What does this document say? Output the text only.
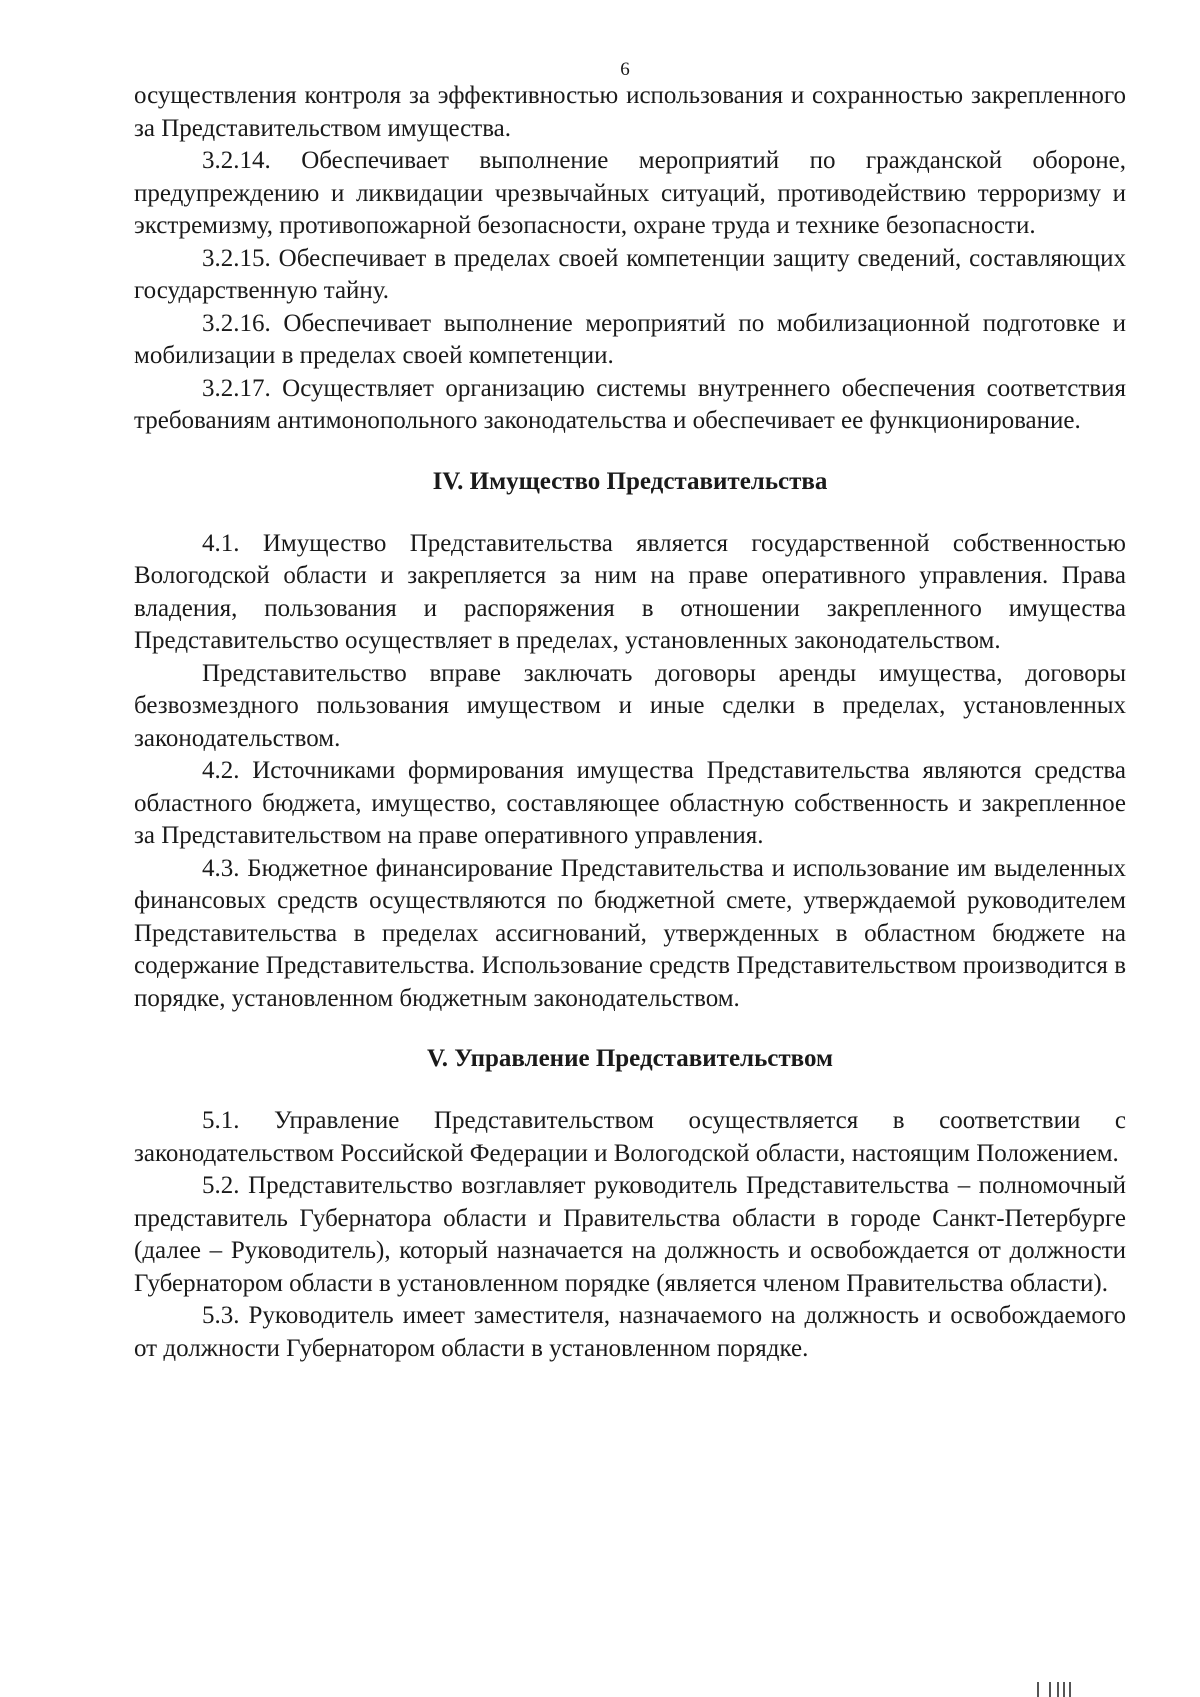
6

осуществления контроля за эффективностью использования и сохранностью закрепленного за Представительством имущества.

3.2.14. Обеспечивает выполнение мероприятий по гражданской обороне, предупреждению и ликвидации чрезвычайных ситуаций, противодействию терроризму и экстремизму, противопожарной безопасности, охране труда и технике безопасности.

3.2.15. Обеспечивает в пределах своей компетенции защиту сведений, составляющих государственную тайну.

3.2.16. Обеспечивает выполнение мероприятий по мобилизационной подготовке и мобилизации в пределах своей компетенции.

3.2.17. Осуществляет организацию системы внутреннего обеспечения соответствия требованиям антимонопольного законодательства и обеспечивает ее функционирование.

IV. Имущество Представительства

4.1. Имущество Представительства является государственной собственностью Вологодской области и закрепляется за ним на праве оперативного управления. Права владения, пользования и распоряжения в отношении закрепленного имущества Представительство осуществляет в пределах, установленных законодательством.

Представительство вправе заключать договоры аренды имущества, договоры безвозмездного пользования имуществом и иные сделки в пределах, установленных законодательством.

4.2. Источниками формирования имущества Представительства являются средства областного бюджета, имущество, составляющее областную собственность и закрепленное за Представительством на праве оперативного управления.

4.3. Бюджетное финансирование Представительства и использование им выделенных финансовых средств осуществляются по бюджетной смете, утверждаемой руководителем Представительства в пределах ассигнований, утвержденных в областном бюджете на содержание Представительства. Использование средств Представительством производится в порядке, установленном бюджетным законодательством.

V. Управление Представительством

5.1. Управление Представительством осуществляется в соответствии с законодательством Российской Федерации и Вологодской области, настоящим Положением.

5.2. Представительство возглавляет руководитель Представительства – полномочный представитель Губернатора области и Правительства области в городе Санкт-Петербурге (далее – Руководитель), который назначается на должность и освобождается от должности Губернатором области в установленном порядке (является членом Правительства области).

5.3. Руководитель имеет заместителя, назначаемого на должность и освобождаемого от должности Губернатором области в установленном порядке.
